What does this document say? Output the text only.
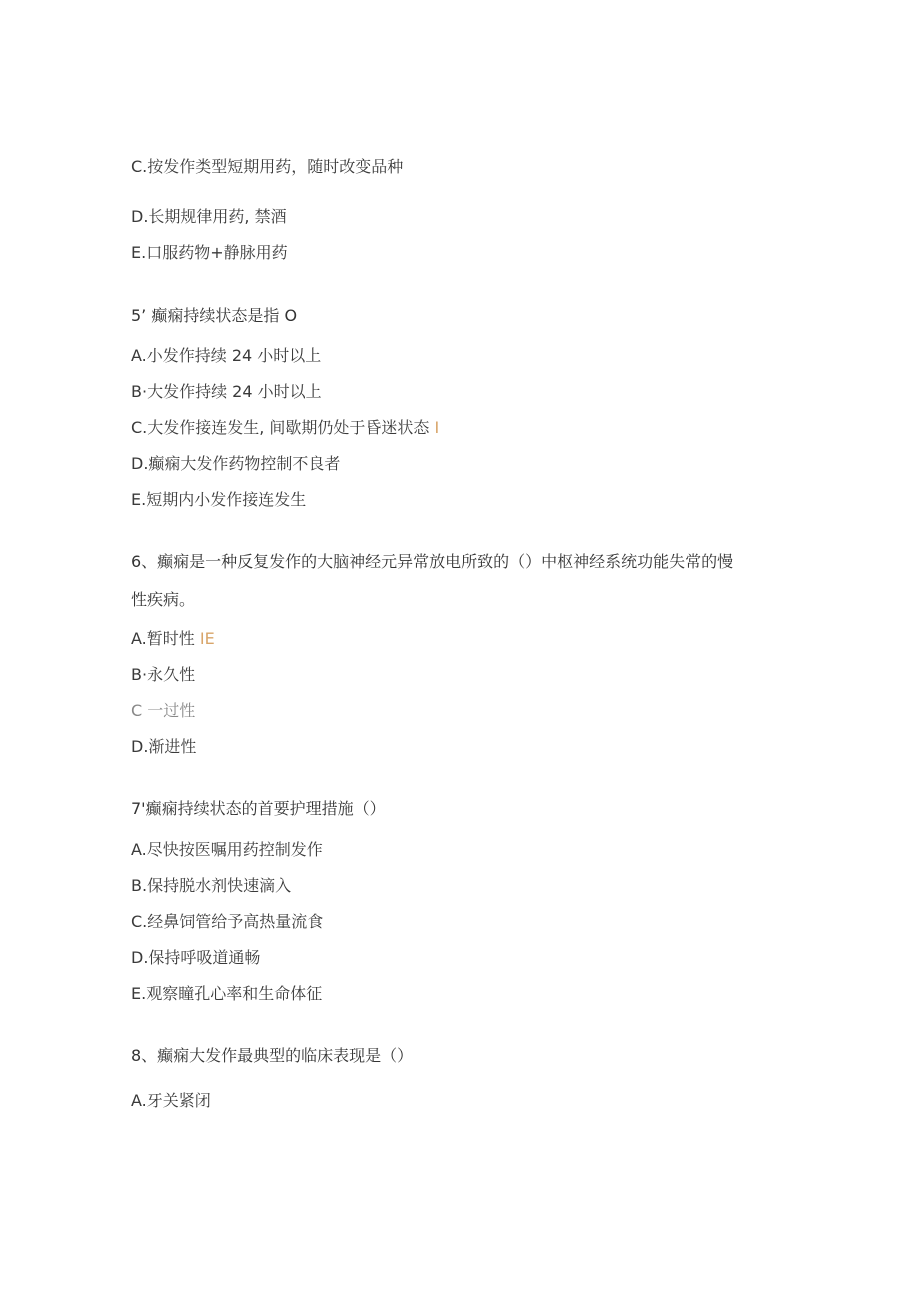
C.按发作类型短期用药，随时改变品种
D.长期规律用药, 禁酒
E.口服药物+静脉用药
5’ 癫痫持续状态是指 O
A.小发作持续 24 小时以上
B·大发作持续 24 小时以上
C.大发作接连发生, 间歇期仍处于昏迷状态 I
D.癫痫大发作药物控制不良者
E.短期内小发作接连发生
6、癫痫是一种反复发作的大脑神经元异常放电所致的（）中枢神经系统功能失常的慢
性疾病。
A.暂时性 IE
B·永久性
C 一过性
D.渐进性
7'癫痫持续状态的首要护理措施（）
A.尽快按医嘱用药控制发作
B.保持脱水剂快速滴入
C.经鼻饲管给予高热量流食
D.保持呼吸道通畅
E.观察瞳孔心率和生命体征
8、癫痫大发作最典型的临床表现是（）
A.牙关紧闭
